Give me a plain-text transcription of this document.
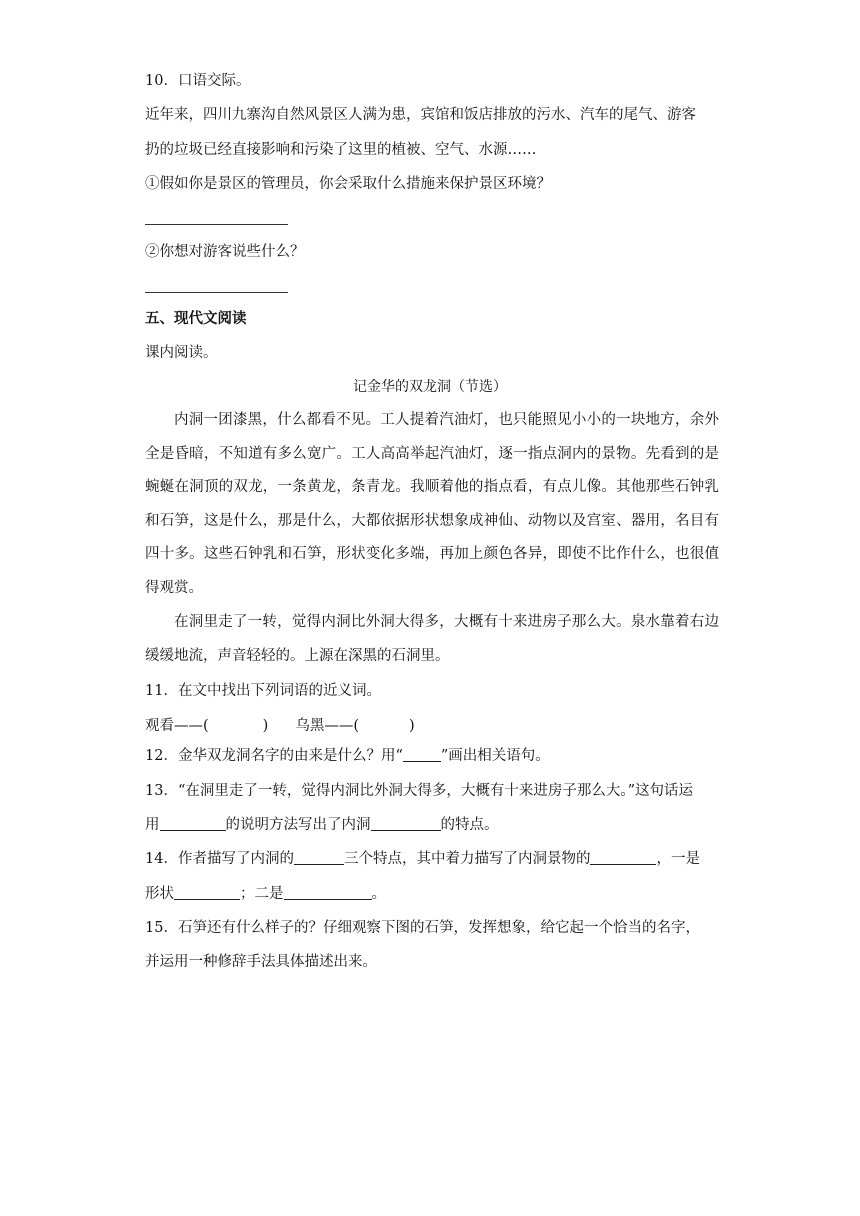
10．口语交际。
近年来，四川九寨沟自然风景区人满为患，宾馆和饭店排放的污水、汽车的尾气、游客
扔的垃圾已经直接影响和污染了这里的植被、空气、水源……
①假如你是景区的管理员，你会采取什么措施来保护景区环境？
②你想对游客说些什么？
五、现代文阅读
课内阅读。
记金华的双龙洞（节选）
内洞一团漆黑，什么都看不见。工人提着汽油灯，也只能照见小小的一块地方，余外全是昏暗，不知道有多么宽广。工人高高举起汽油灯，逐一指点洞内的景物。先看到的是蜿蜒在洞顶的双龙，一条黄龙，条青龙。我顺着他的指点看，有点儿像。其他那些石钟乳和石笋，这是什么，那是什么，大都依据形状想象成神仙、动物以及宫室、器用，名目有四十多。这些石钟乳和石笋，形状变化多端，再加上颜色各异，即使不比作什么，也很值得观赏。
在洞里走了一转，觉得内洞比外洞大得多，大概有十来进房子那么大。泉水靠着右边缓缓地流，声音轻轻的。上源在深黑的石洞里。
11．在文中找出下列词语的近义词。
观看——(	) 乌黑——(	)
12．金华双龙洞名字的由来是什么？用“	”画出相关语句。
13．“在洞里走了一转，觉得内洞比外洞大得多，大概有十来进房子那么大。”这句话运
用	的说明方法写出了内洞	的特点。
14．作者描写了内洞的	三个特点，其中着力描写了内洞景物的	，一是
形状	；二是	。
15．石笋还有什么样子的？仔细观察下图的石笋，发挥想象，给它起一个恰当的名字，
并运用一种修辞手法具体描述出来。
